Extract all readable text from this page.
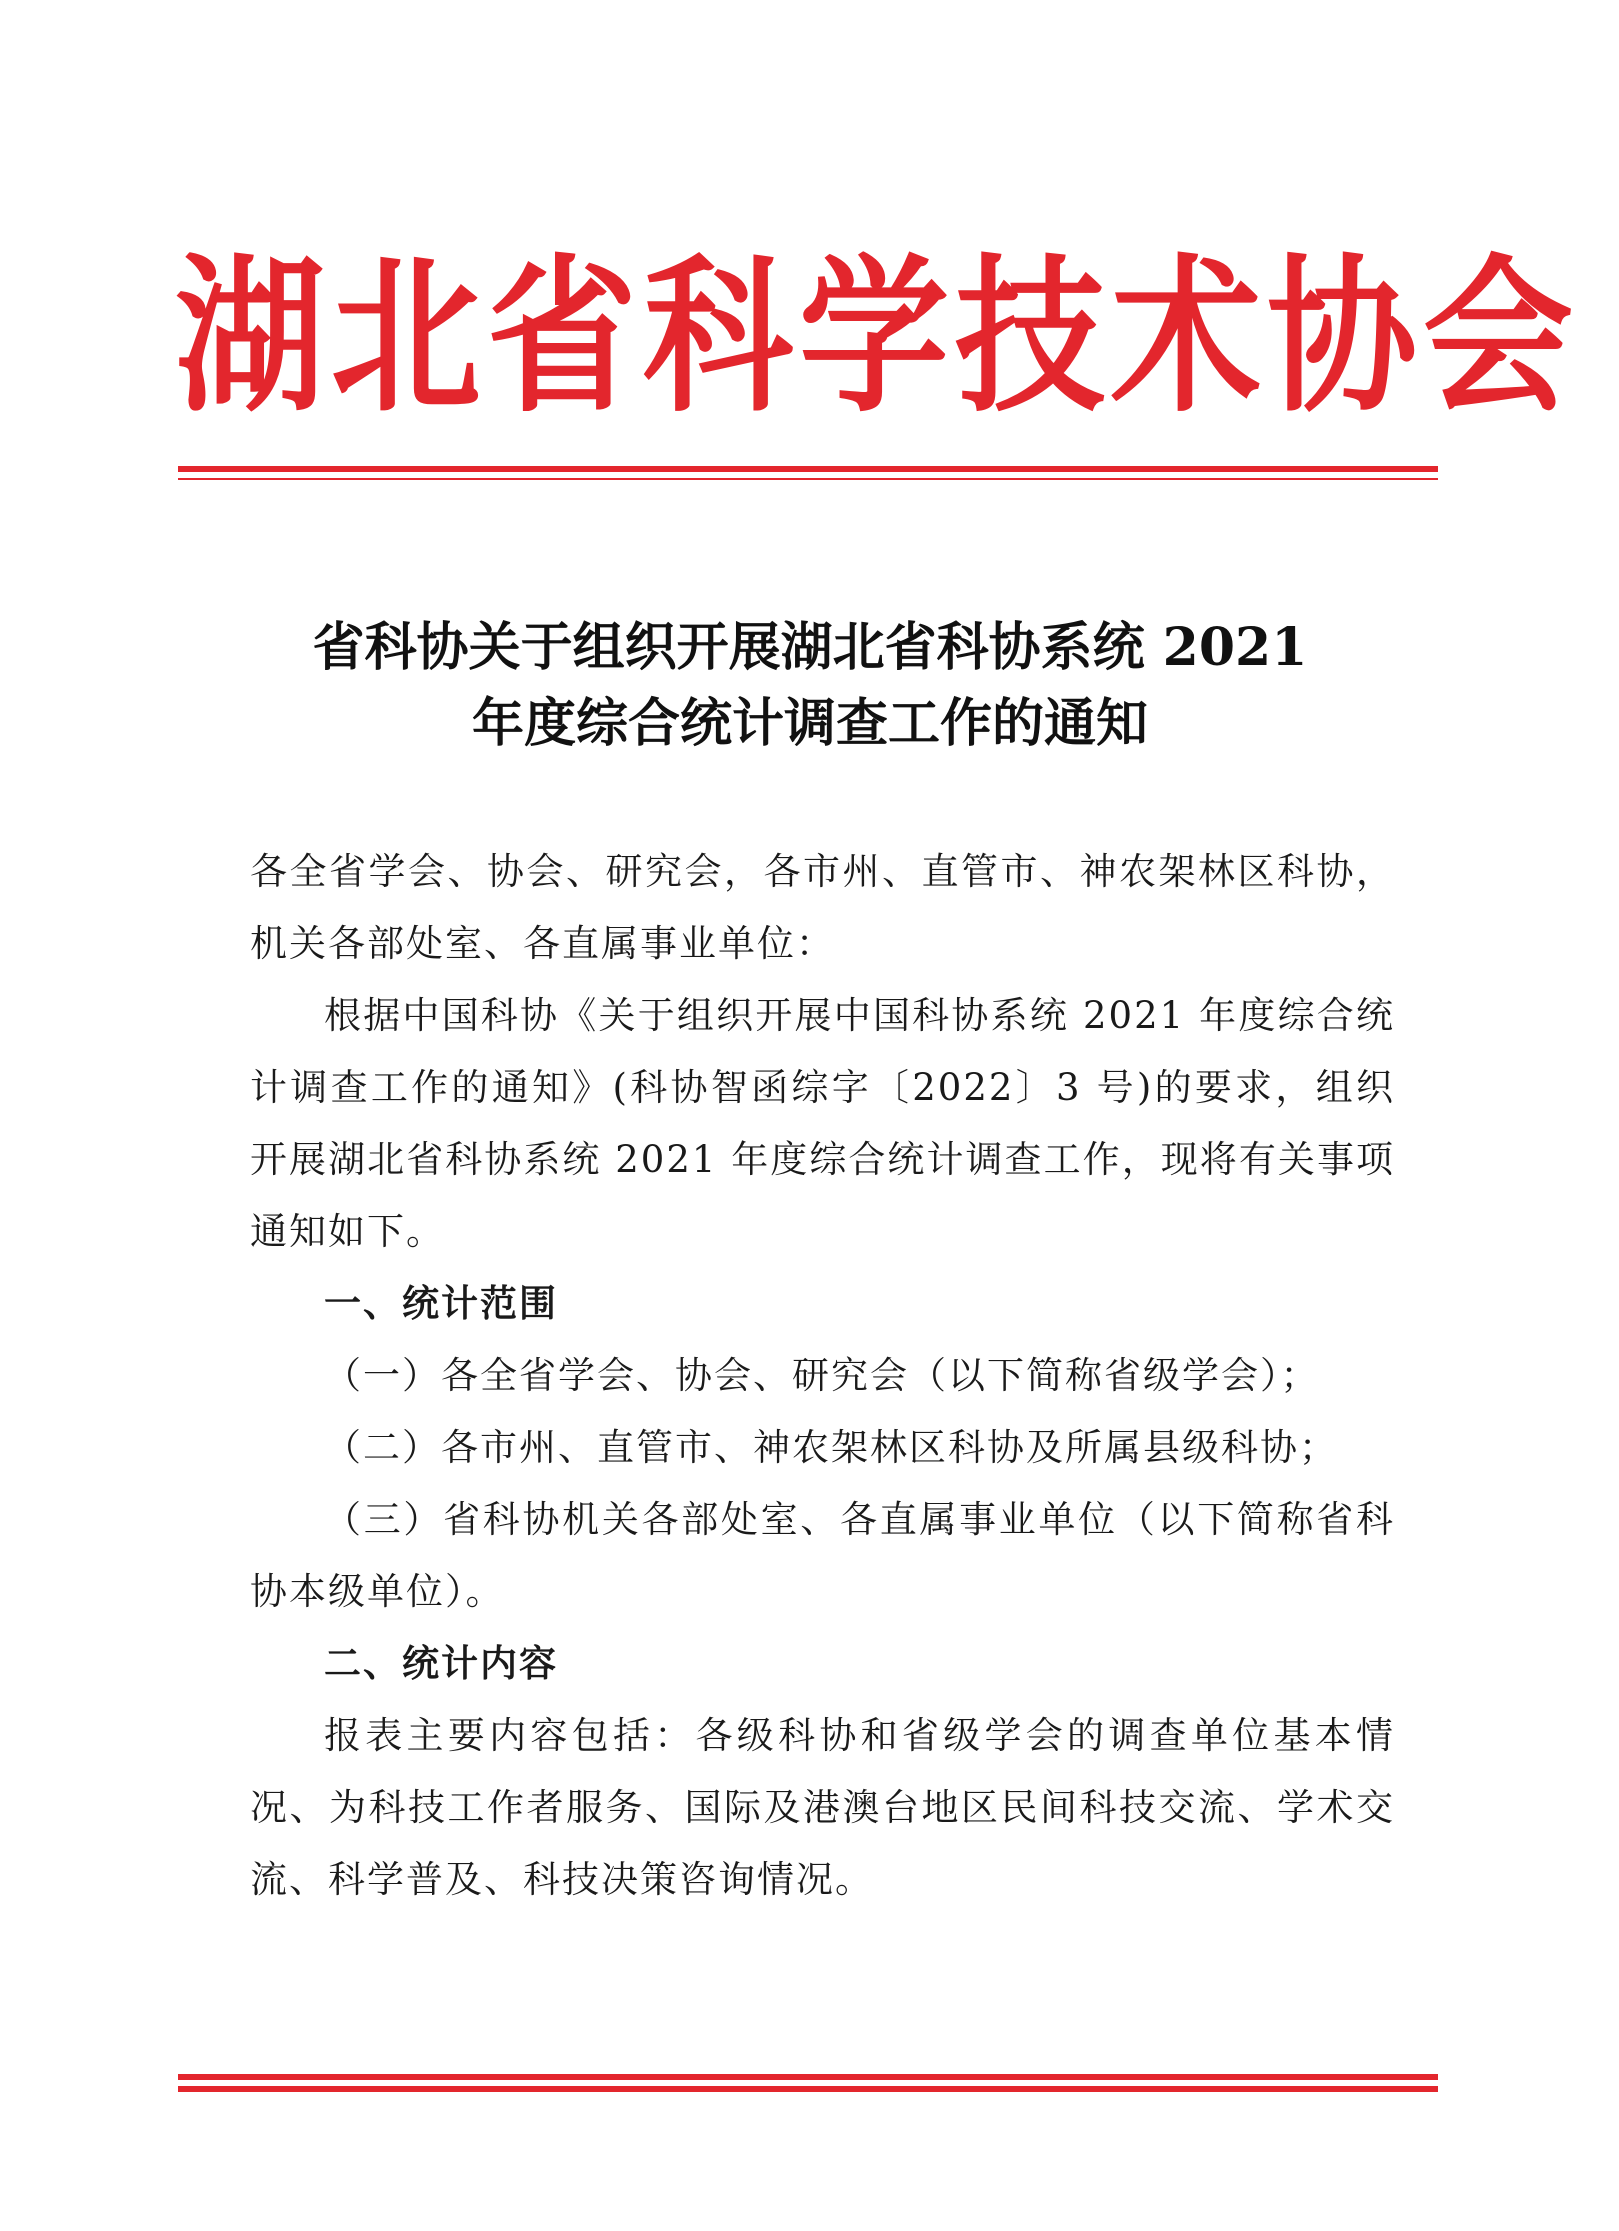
湖北省科学技术协会
省科协关于组织开展湖北省科协系统 2021
年度综合统计调查工作的通知

各全省学会、协会、研究会，各市州、直管市、神农架林区科协，机关各部处室、各直属事业单位：

根据中国科协《关于组织开展中国科协系统 2021 年度综合统计调查工作的通知》(科协智函综字〔2022〕3 号)的要求，组织开展湖北省科协系统 2021 年度综合统计调查工作，现将有关事项通知如下。

一、统计范围

（一）各全省学会、协会、研究会（以下简称省级学会）；

（二）各市州、直管市、神农架林区科协及所属县级科协；

（三）省科协机关各部处室、各直属事业单位（以下简称省科协本级单位）。

二、统计内容

报表主要内容包括：各级科协和省级学会的调查单位基本情况、为科技工作者服务、国际及港澳台地区民间科技交流、学术交流、科学普及、科技决策咨询情况。
